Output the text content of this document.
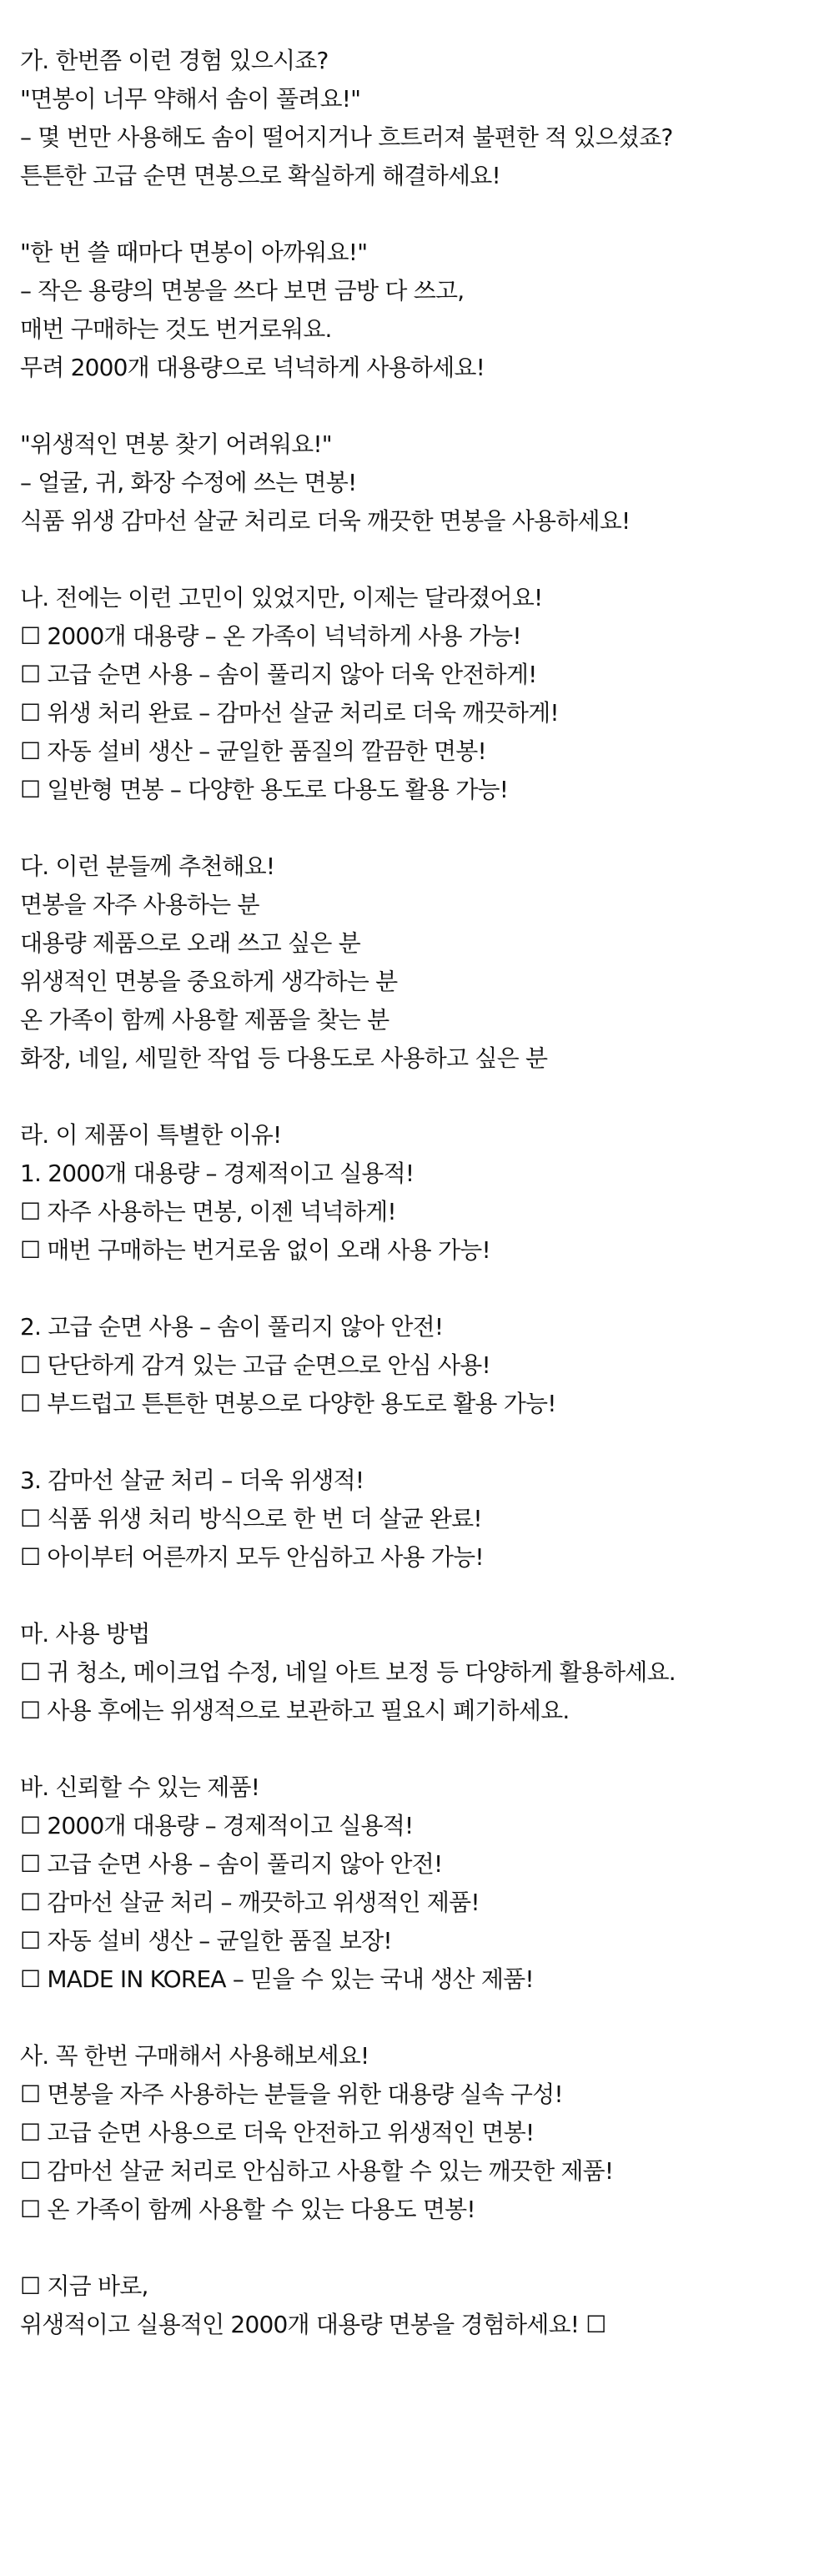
가. 한번쯤 이런 경험 있으시죠?
"면봉이 너무 약해서 솜이 풀려요!"
– 몇 번만 사용해도 솜이 떨어지거나 흐트러져 불편한 적 있으셨죠?
튼튼한 고급 순면 면봉으로 확실하게 해결하세요!
"한 번 쓸 때마다 면봉이 아까워요!"
– 작은 용량의 면봉을 쓰다 보면 금방 다 쓰고,
매번 구매하는 것도 번거로워요.
무려 2000개 대용량으로 넉넉하게 사용하세요!
"위생적인 면봉 찾기 어려워요!"
– 얼굴, 귀, 화장 수정에 쓰는 면봉!
식품 위생 감마선 살균 처리로 더욱 깨끗한 면봉을 사용하세요!
나. 전에는 이런 고민이 있었지만, 이제는 달라졌어요!
☐ 2000개 대용량 – 온 가족이 넉넉하게 사용 가능!
☐ 고급 순면 사용 – 솜이 풀리지 않아 더욱 안전하게!
☐ 위생 처리 완료 – 감마선 살균 처리로 더욱 깨끗하게!
☐ 자동 설비 생산 – 균일한 품질의 깔끔한 면봉!
☐ 일반형 면봉 – 다양한 용도로 다용도 활용 가능!
다. 이런 분들께 추천해요!
면봉을 자주 사용하는 분
대용량 제품으로 오래 쓰고 싶은 분
위생적인 면봉을 중요하게 생각하는 분
온 가족이 함께 사용할 제품을 찾는 분
화장, 네일, 세밀한 작업 등 다용도로 사용하고 싶은 분
라. 이 제품이 특별한 이유!
1. 2000개 대용량 – 경제적이고 실용적!
☐ 자주 사용하는 면봉, 이젠 넉넉하게!
☐ 매번 구매하는 번거로움 없이 오래 사용 가능!
2. 고급 순면 사용 – 솜이 풀리지 않아 안전!
☐ 단단하게 감겨 있는 고급 순면으로 안심 사용!
☐ 부드럽고 튼튼한 면봉으로 다양한 용도로 활용 가능!
3. 감마선 살균 처리 – 더욱 위생적!
☐ 식품 위생 처리 방식으로 한 번 더 살균 완료!
☐ 아이부터 어른까지 모두 안심하고 사용 가능!
마. 사용 방법
☐ 귀 청소, 메이크업 수정, 네일 아트 보정 등 다양하게 활용하세요.
☐ 사용 후에는 위생적으로 보관하고 필요시 폐기하세요.
바. 신뢰할 수 있는 제품!
☐ 2000개 대용량 – 경제적이고 실용적!
☐ 고급 순면 사용 – 솜이 풀리지 않아 안전!
☐ 감마선 살균 처리 – 깨끗하고 위생적인 제품!
☐ 자동 설비 생산 – 균일한 품질 보장!
☐ MADE IN KOREA – 믿을 수 있는 국내 생산 제품!
사. 꼭 한번 구매해서 사용해보세요!
☐ 면봉을 자주 사용하는 분들을 위한 대용량 실속 구성!
☐ 고급 순면 사용으로 더욱 안전하고 위생적인 면봉!
☐ 감마선 살균 처리로 안심하고 사용할 수 있는 깨끗한 제품!
☐ 온 가족이 함께 사용할 수 있는 다용도 면봉!
☐ 지금 바로,
위생적이고 실용적인 2000개 대용량 면봉을 경험하세요! ☐
